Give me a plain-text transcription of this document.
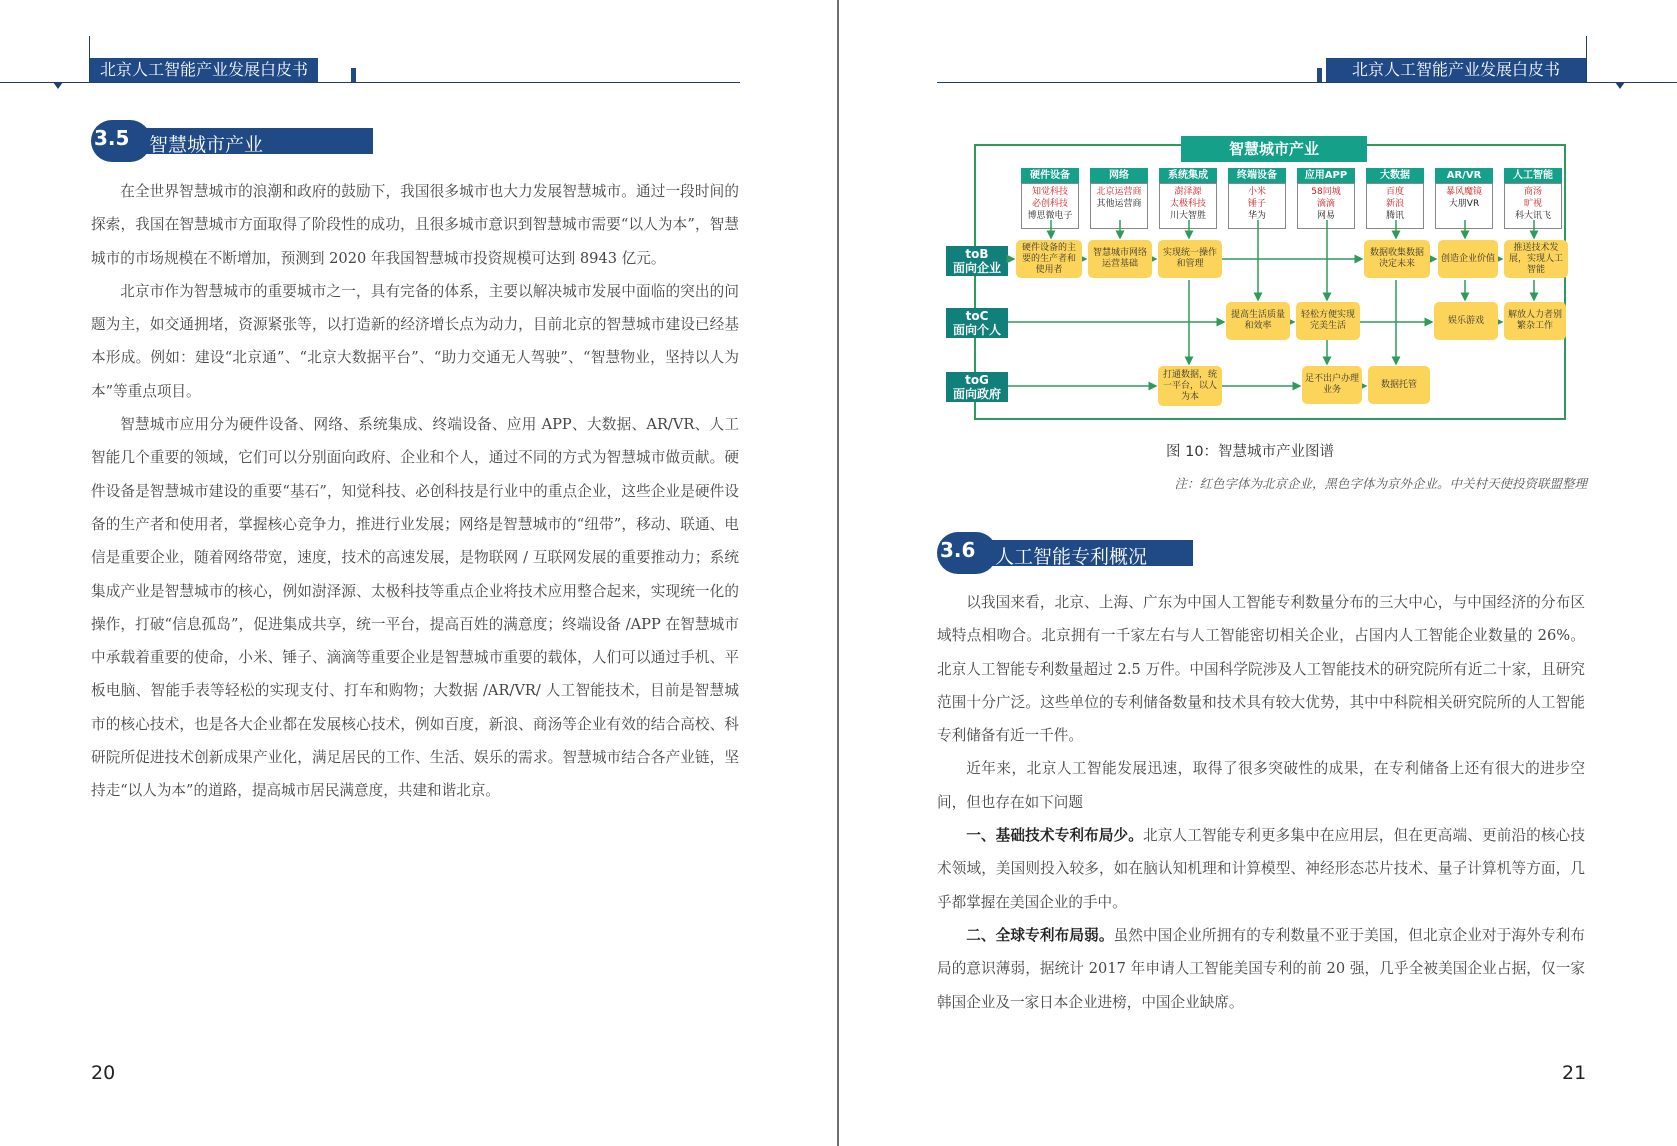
北京人工智能产业发展白皮书
3.5 智慧城市产业

在全世界智慧城市的浪潮和政府的鼓励下，我国很多城市也大力发展智慧城市。通过一段时间的探索，我国在智慧城市方面取得了阶段性的成功，且很多城市意识到智慧城市需要“以人为本”，智慧城市的市场规模在不断增加，预测到 2020 年我国智慧城市投资规模可达到 8943 亿元。

北京市作为智慧城市的重要城市之一，具有完备的体系，主要以解决城市发展中面临的突出的问题为主，如交通拥堵，资源紧张等，以打造新的经济增长点为动力，目前北京的智慧城市建设已经基本形成。例如：建设“北京通”、“北京大数据平台”、“助力交通无人驾驶”、“智慧物业，坚持以人为本”等重点项目。

智慧城市应用分为硬件设备、网络、系统集成、终端设备、应用 APP、大数据、AR/VR、人工智能几个重要的领域，它们可以分别面向政府、企业和个人，通过不同的方式为智慧城市做贡献。硬件设备是智慧城市建设的重要“基石”，知觉科技、必创科技是行业中的重点企业，这些企业是硬件设备的生产者和使用者，掌握核心竞争力，推进行业发展；网络是智慧城市的“纽带”，移动、联通、电信是重要企业，随着网络带宽，速度，技术的高速发展，是物联网 / 互联网发展的重要推动力；系统集成产业是智慧城市的核心，例如澍泽源、太极科技等重点企业将技术应用整合起来，实现统一化的操作，打破“信息孤岛”，促进集成共享，统一平台，提高百姓的满意度；终端设备 /APP 在智慧城市中承载着重要的使命，小米、锤子、滴滴等重要企业是智慧城市重要的载体，人们可以通过手机、平板电脑、智能手表等轻松的实现支付、打车和购物；大数据 /AR/VR/ 人工智能技术，目前是智慧城市的核心技术，也是各大企业都在发展核心技术，例如百度，新浪、商汤等企业有效的结合高校、科研院所促进技术创新成果产业化，满足居民的工作、生活、娱乐的需求。智慧城市结合各产业链，坚持走“以人为本”的道路，提高城市居民满意度，共建和谐北京。

20
北京人工智能产业发展白皮书
智慧城市产业
硬件设备
知觉科技
必创科技
博思微电子
网络
北京运营商
其他运营商
系统集成
澍泽源
太极科技
川大智胜
终端设备
小米
锤子
华为
应用APP
58同城
滴滴
网易
大数据
百度
新浪
腾讯
AR/VR
暴风魔镜
大朋VR
人工智能
商汤
旷视
科大讯飞
toB
面向企业
toC
面向个人
toG
面向政府
硬件设备的主要的生产者和使用者
智慧城市网络运营基础
实现统一操作和管理
数据收集数据决定未来
创造企业价值
推送技术发展，实现人工智能
提高生活质量和效率
轻松方便实现完美生活
娱乐游戏
解放人力者别繁杂工作
打通数据，统一平台，以人为本
足不出户办理业务
数据托管
图 10：智慧城市产业图谱
注：红色字体为北京企业，黑色字体为京外企业。中关村天使投资联盟整理
3.6 人工智能专利概况

以我国来看，北京、上海、广东为中国人工智能专利数量分布的三大中心，与中国经济的分布区域特点相吻合。北京拥有一千家左右与人工智能密切相关企业，占国内人工智能企业数量的 26%。北京人工智能专利数量超过 2.5 万件。中国科学院涉及人工智能技术的研究院所有近二十家，且研究范围十分广泛。这些单位的专利储备数量和技术具有较大优势，其中中科院相关研究院所的人工智能专利储备有近一千件。

近年来，北京人工智能发展迅速，取得了很多突破性的成果，在专利储备上还有很大的进步空间，但也存在如下问题

一、基础技术专利布局少。北京人工智能专利更多集中在应用层，但在更高端、更前沿的核心技术领域，美国则投入较多，如在脑认知机理和计算模型、神经形态芯片技术、量子计算机等方面，几乎都掌握在美国企业的手中。

二、全球专利布局弱。虽然中国企业所拥有的专利数量不亚于美国，但北京企业对于海外专利布局的意识薄弱，据统计 2017 年申请人工智能美国专利的前 20 强，几乎全被美国企业占据，仅一家韩国企业及一家日本企业进榜，中国企业缺席。

21
